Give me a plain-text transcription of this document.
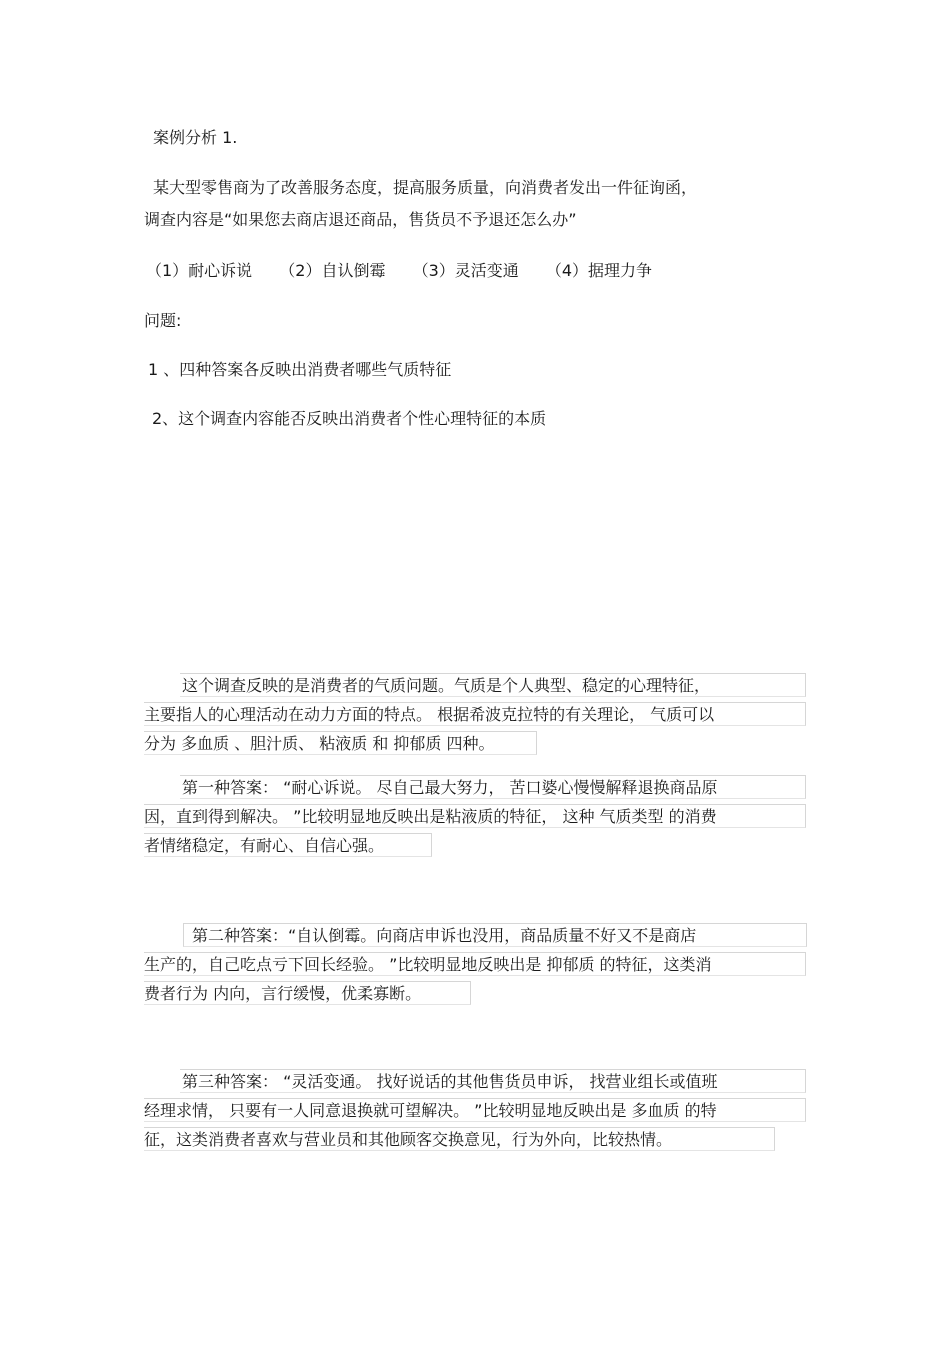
案例分析 1.
某大型零售商为了改善服务态度，提高服务质量，向消费者发出一件征询函，
调查内容是“如果您去商店退还商品，售货员不予退还怎么办”
（1）耐心诉说 （2）自认倒霉 （3）灵活变通 （4）据理力争
问题:
1 、四种答案各反映出消费者哪些气质特征
2、这个调查内容能否反映出消费者个性心理特征的本质
这个调查反映的是消费者的气质问题。气质是个人典型、稳定的心理特征，
主要指人的心理活动在动力方面的特点。 根据希波克拉特的有关理论， 气质可以
分为 多血质 、胆汁质、 粘液质 和 抑郁质 四种。
第一种答案： “耐心诉说。 尽自己最大努力， 苦口婆心慢慢解释退换商品原
因，直到得到解决。 ”比较明显地反映出是粘液质的特征， 这种 气质类型 的消费
者情绪稳定，有耐心、自信心强。
第二种答案：“自认倒霉。向商店申诉也没用，商品质量不好又不是商店
生产的，自己吃点亏下回长经验。 ”比较明显地反映出是 抑郁质 的特征，这类消
费者行为 内向，言行缓慢，优柔寡断。
第三种答案： “灵活变通。 找好说话的其他售货员申诉， 找营业组长或值班
经理求情， 只要有一人同意退换就可望解决。 ”比较明显地反映出是 多血质 的特
征，这类消费者喜欢与营业员和其他顾客交换意见，行为外向，比较热情。
